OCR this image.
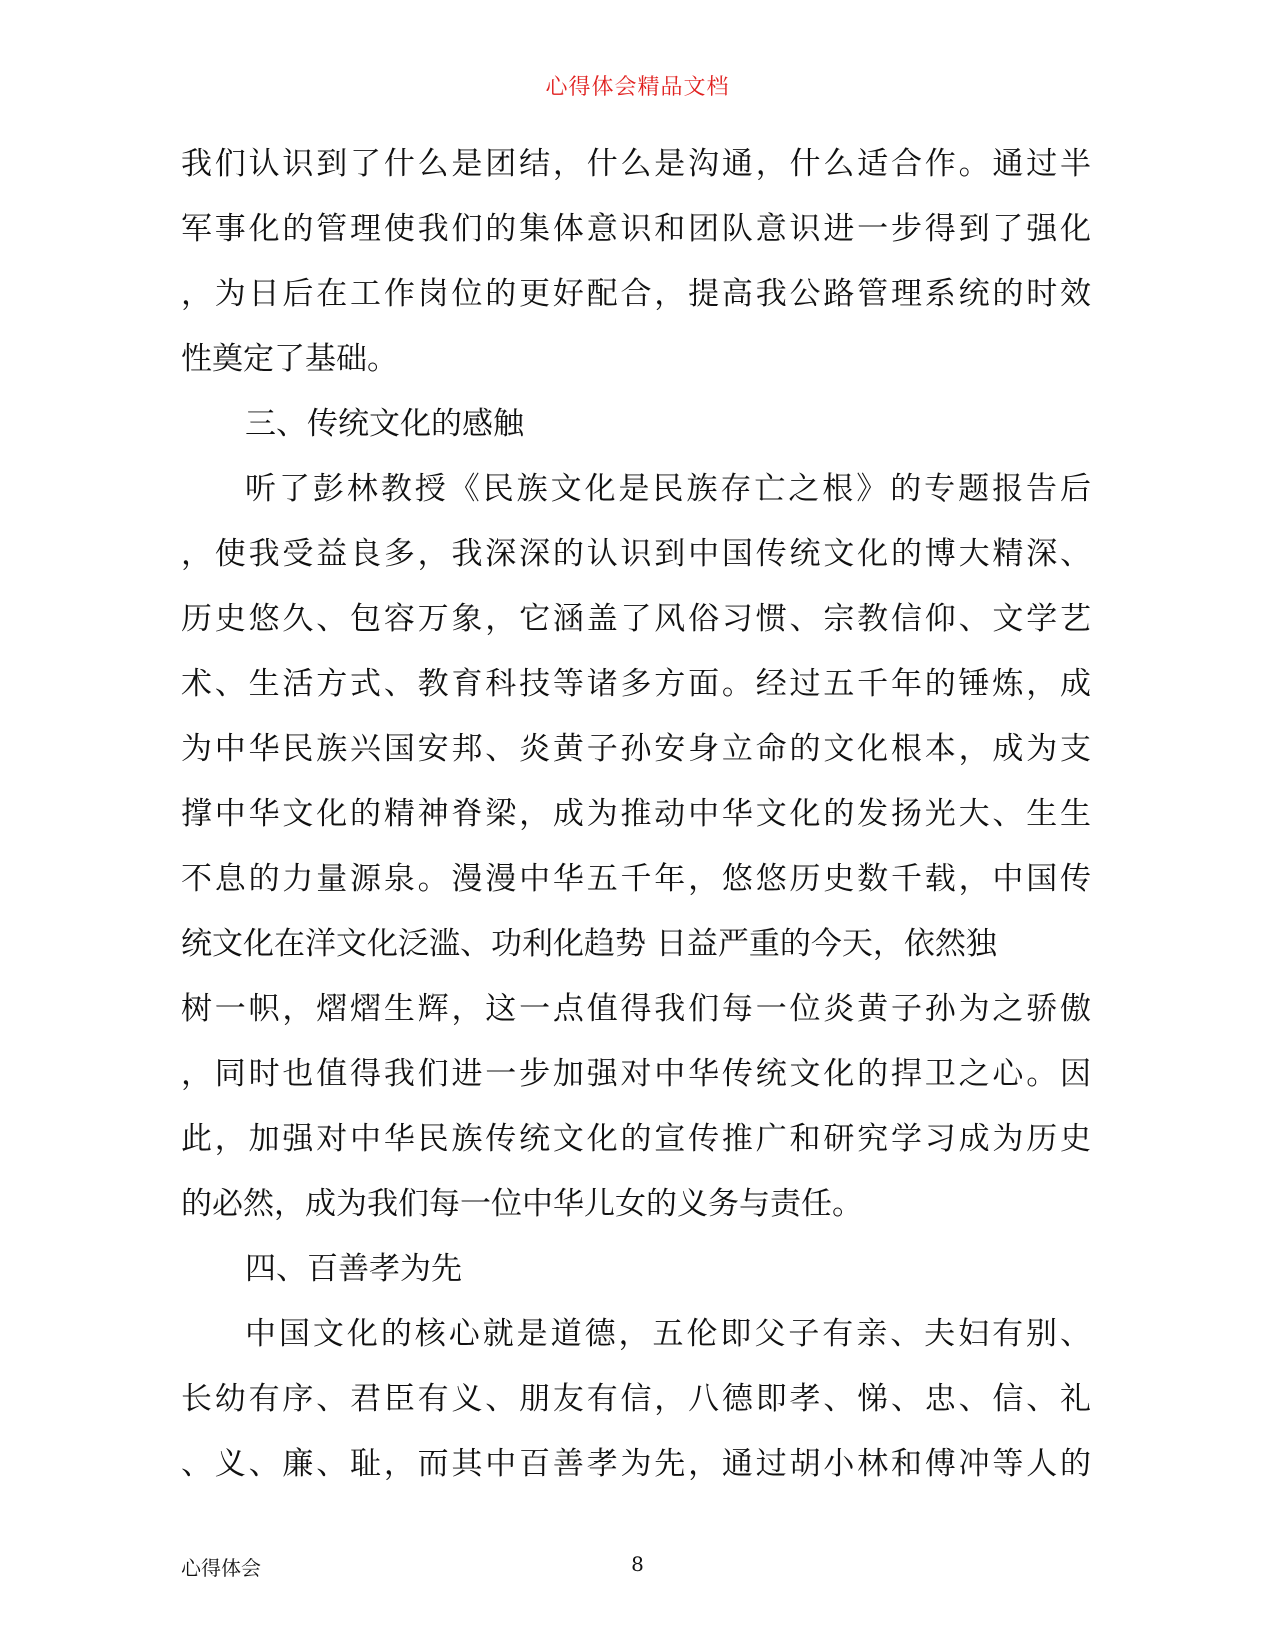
心得体会精品文档
我们认识到了什么是团结，什么是沟通，什么适合作。通过半
军事化的管理使我们的集体意识和团队意识进一步得到了强化
，为日后在工作岗位的更好配合，提高我公路管理系统的时效
性奠定了基础。
三、传统文化的感触
听了彭林教授《民族文化是民族存亡之根》的专题报告后
，使我受益良多，我深深的认识到中国传统文化的博大精深、
历史悠久、包容万象，它涵盖了风俗习惯、宗教信仰、文学艺
术、生活方式、教育科技等诸多方面。经过五千年的锤炼，成
为中华民族兴国安邦、炎黄子孙安身立命的文化根本，成为支
撑中华文化的精神脊梁，成为推动中华文化的发扬光大、生生
不息的力量源泉。漫漫中华五千年，悠悠历史数千载，中国传
统文化在洋文化泛滥、功利化趋势 日益严重的今天，依然独
树一帜，熠熠生辉，这一点值得我们每一位炎黄子孙为之骄傲
，同时也值得我们进一步加强对中华传统文化的捍卫之心。因
此，加强对中华民族传统文化的宣传推广和研究学习成为历史
的必然，成为我们每一位中华儿女的义务与责任。
四、百善孝为先
中国文化的核心就是道德，五伦即父子有亲、夫妇有别、
长幼有序、君臣有义、朋友有信，八德即孝、悌、忠、信、礼
、义、廉、耻，而其中百善孝为先，通过胡小林和傅冲等人的
心得体会	8
